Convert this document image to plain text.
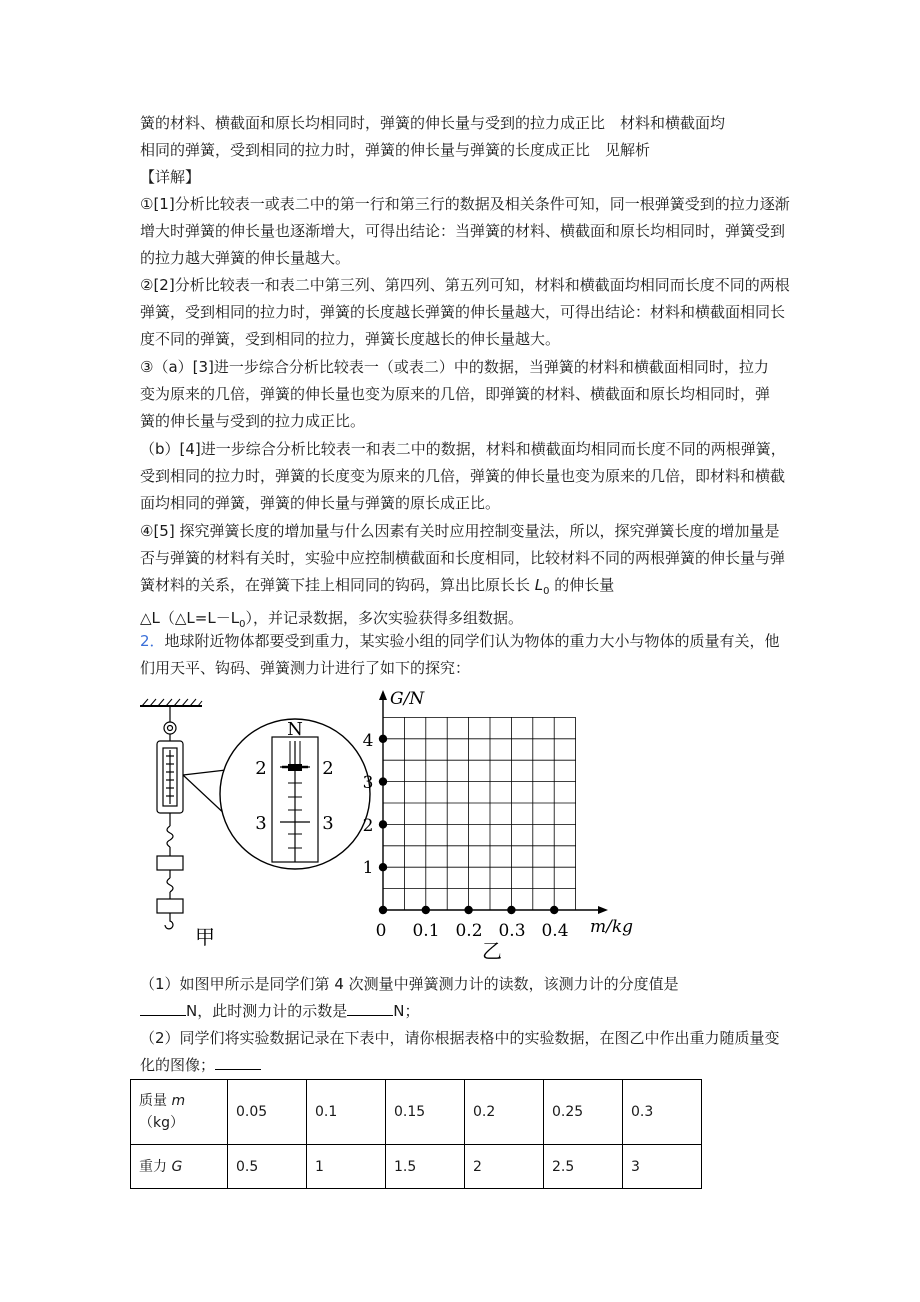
簧的材料、横截面和原长均相同时，弹簧的伸长量与受到的拉力成正比　材料和横截面均

相同的弹簧，受到相同的拉力时，弹簧的伸长量与弹簧的长度成正比　见解析

【详解】

①[1]分析比较表一或表二中的第一行和第三行的数据及相关条件可知，同一根弹簧受到的拉力逐渐增大时弹簧的伸长量也逐渐增大，可得出结论：当弹簧的材料、横截面和原长均相同时，弹簧受到的拉力越大弹簧的伸长量越大。

②[2]分析比较表一和表二中第三列、第四列、第五列可知，材料和横截面均相同而长度不同的两根弹簧，受到相同的拉力时，弹簧的长度越长弹簧的伸长量越大，可得出结论：材料和横截面相同长度不同的弹簧，受到相同的拉力，弹簧长度越长的伸长量越大。

③（a）[3]进一步综合分析比较表一（或表二）中的数据，当弹簧的材料和横截面相同时，拉力变为原来的几倍，弹簧的伸长量也变为原来的几倍，即弹簧的材料、横截面和原长均相同时，弹簧的伸长量与受到的拉力成正比。

（b）[4]进一步综合分析比较表一和表二中的数据，材料和横截面均相同而长度不同的两根弹簧，受到相同的拉力时，弹簧的长度变为原来的几倍，弹簧的伸长量也变为原来的几倍，即材料和横截面均相同的弹簧，弹簧的伸长量与弹簧的原长成正比。

④[5] 探究弹簧长度的增加量与什么因素有关时应用控制变量法，所以，探究弹簧长度的增加量是否与弹簧的材料有关时，实验中应控制横截面和长度相同，比较材料不同的两根弹簧的伸长量与弹簧材料的关系，在弹簧下挂上相同同的钩码，算出比原长长 $L_0$ 的伸长量
$\triangle L(\triangle L=L-L_0)$，并记录数据，多次实验获得多组数据。

2．地球附近物体都要受到重力，某实验小组的同学们认为物体的重力大小与物体的质量有关，他们用天平、钩码、弹簧测力计进行了如下的探究：

N
2	2
3	3
甲
G/N
m/kg
1
2
3
4
0 0.1 0.2 0.3 0.4
乙

（1）如图甲所示是同学们第 4 次测量中弹簧测力计的读数，该测力计的分度值是
N，此时测力计的示数是	N；

（2）同学们将实验数据记录在下表中，请你根据表格中的实验数据，在图乙中作出重力随质量变化的图像；

质量 m
（kg）	0.05	0.1	0.15	0.2	0.25	0.3
重力 G	0.5	1	1.5	2	2.5	3
